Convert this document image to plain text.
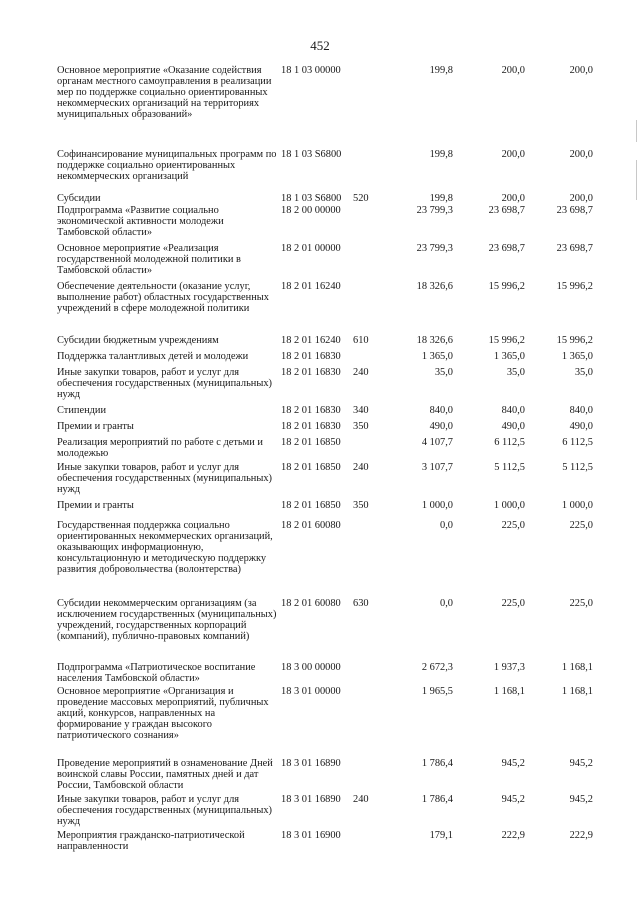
452
Основное мероприятие «Оказание содействия органам местного самоуправления в реализации мер по поддержке социально ориентированных некоммерческих организаций на территориях муниципальных образований»
18 1 03 00000	199,8	200,0	200,0
Софинансирование муниципальных программ по поддержке социально ориентированных некоммерческих организаций
18 1 03 S6800	199,8	200,0	200,0
Субсидии	18 1 03 S6800	520	199,8	200,0	200,0
Подпрограмма «Развитие социально экономической активности молодежи Тамбовской области»
18 2 00 00000	23 799,3	23 698,7	23 698,7
Основное мероприятие «Реализация государственной молодежной политики в Тамбовской области»
18 2 01 00000	23 799,3	23 698,7	23 698,7
Обеспечение деятельности (оказание услуг, выполнение работ) областных государственных учреждений в сфере молодежной политики
18 2 01 16240	18 326,6	15 996,2	15 996,2
Субсидии бюджетным учреждениям	18 2 01 16240	610	18 326,6	15 996,2	15 996,2
Поддержка талантливых детей и молодежи	18 2 01 16830	1 365,0	1 365,0	1 365,0
Иные закупки товаров, работ и услуг для обеспечения государственных (муниципальных) нужд
18 2 01 16830	240	35,0	35,0	35,0
Стипендии	18 2 01 16830	340	840,0	840,0	840,0
Премии и гранты	18 2 01 16830	350	490,0	490,0	490,0
Реализация мероприятий по работе с детьми и молодежью
18 2 01 16850	4 107,7	6 112,5	6 112,5
Иные закупки товаров, работ и услуг для обеспечения государственных (муниципальных) нужд
18 2 01 16850	240	3 107,7	5 112,5	5 112,5
Премии и гранты	18 2 01 16850	350	1 000,0	1 000,0	1 000,0
Государственная поддержка социально ориентированных некоммерческих организаций, оказывающих информационную, консультационную и методическую поддержку развития добровольчества (волонтерства)
18 2 01 60080	0,0	225,0	225,0
Субсидии некоммерческим организациям (за исключением государственных (муниципальных) учреждений, государственных корпораций (компаний), публично-правовых компаний)
18 2 01 60080	630	0,0	225,0	225,0
Подпрограмма «Патриотическое воспитание населения Тамбовской области»
18 3 00 00000	2 672,3	1 937,3	1 168,1
Основное мероприятие «Организация и проведение массовых мероприятий, публичных акций, конкурсов, направленных на формирование у граждан высокого патриотического сознания»
18 3 01 00000	1 965,5	1 168,1	1 168,1
Проведение мероприятий в ознаменование Дней воинской славы России, памятных дней и дат России, Тамбовской области
18 3 01 16890	1 786,4	945,2	945,2
Иные закупки товаров, работ и услуг для обеспечения государственных (муниципальных) нужд
18 3 01 16890	240	1 786,4	945,2	945,2
Мероприятия гражданско-патриотической направленности
18 3 01 16900	179,1	222,9	222,9
